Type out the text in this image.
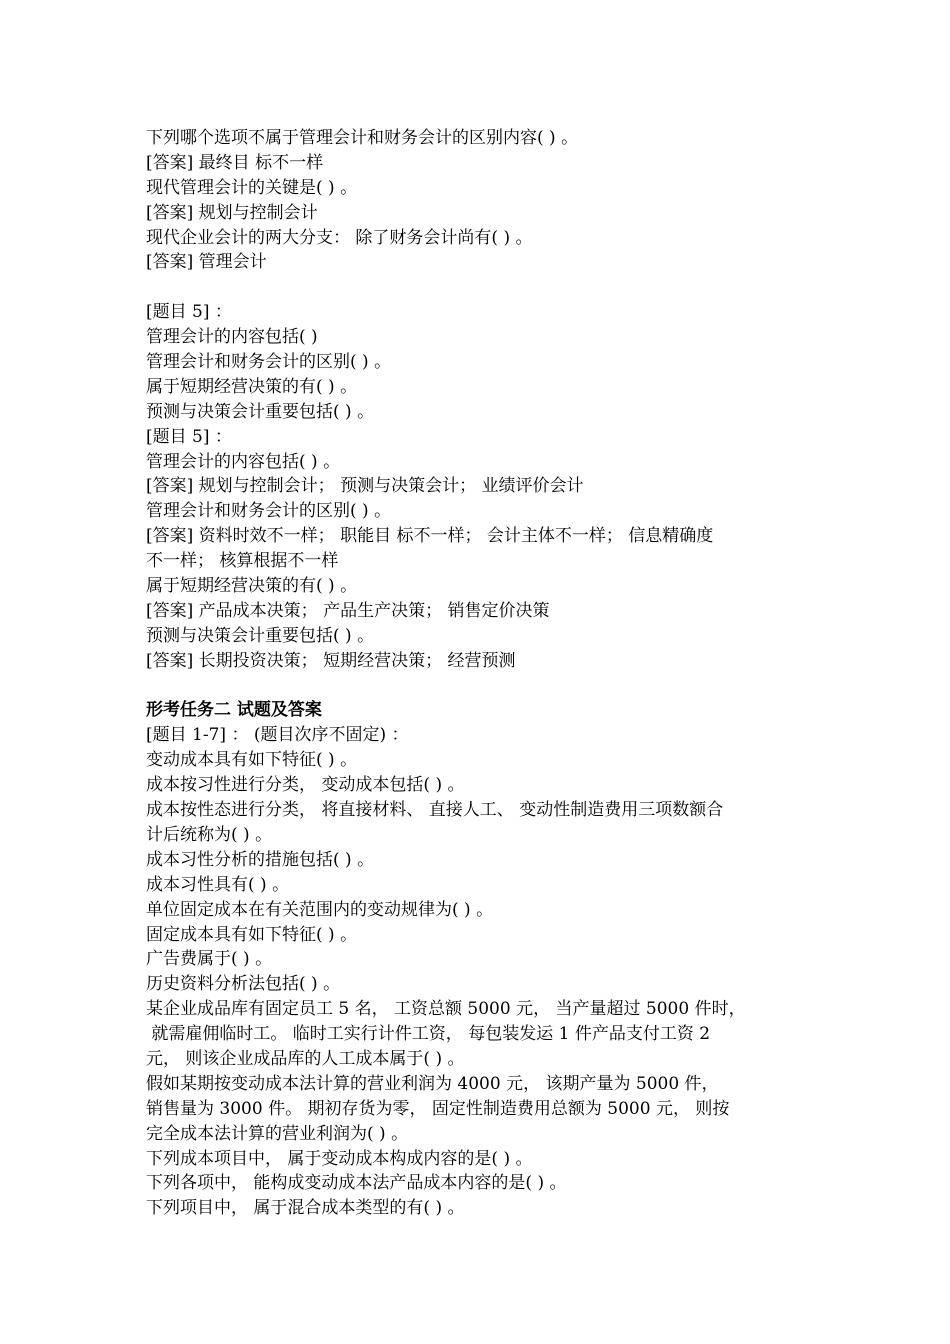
下列哪个选项不属于管理会计和财务会计的区别内容( ) 。
[答案] 最终目 标不一样
现代管理会计的关键是( ) 。
[答案] 规划与控制会计
现代企业会计的两大分支： 除了财务会计尚有( ) 。
[答案] 管理会计
[题目 5] ：
管理会计的内容包括( )
管理会计和财务会计的区别( ) 。
属于短期经营决策的有( ) 。
预测与决策会计重要包括( ) 。
[题目 5] ：
管理会计的内容包括( ) 。
[答案] 规划与控制会计； 预测与决策会计； 业绩评价会计
管理会计和财务会计的区别( ) 。
[答案] 资料时效不一样； 职能目 标不一样； 会计主体不一样； 信息精确度
不一样； 核算根据不一样
属于短期经营决策的有( ) 。
[答案] 产品成本决策； 产品生产决策； 销售定价决策
预测与决策会计重要包括( ) 。
[答案] 长期投资决策； 短期经营决策； 经营预测
形考任务二 试题及答案
[题目 1-7] ： (题目次序不固定) ：
变动成本具有如下特征( ) 。
成本按习性进行分类， 变动成本包括( ) 。
成本按性态进行分类， 将直接材料、 直接人工、 变动性制造费用三项数额合
计后统称为( ) 。
成本习性分析的措施包括( ) 。
成本习性具有( ) 。
单位固定成本在有关范围内的变动规律为( ) 。
固定成本具有如下特征( ) 。
广告费属于( ) 。
历史资料分析法包括( ) 。
某企业成品库有固定员工 5 名， 工资总额 5000 元， 当产量超过 5000 件时，
就需雇佣临时工。 临时工实行计件工资， 每包装发运 1 件产品支付工资 2
元， 则该企业成品库的人工成本属于( ) 。
假如某期按变动成本法计算的营业利润为 4000 元， 该期产量为 5000 件，
销售量为 3000 件。 期初存货为零， 固定性制造费用总额为 5000 元， 则按
完全成本法计算的营业利润为( ) 。
下列成本项目中， 属于变动成本构成内容的是( ) 。
下列各项中， 能构成变动成本法产品成本内容的是( ) 。
下列项目中， 属于混合成本类型的有( ) 。
